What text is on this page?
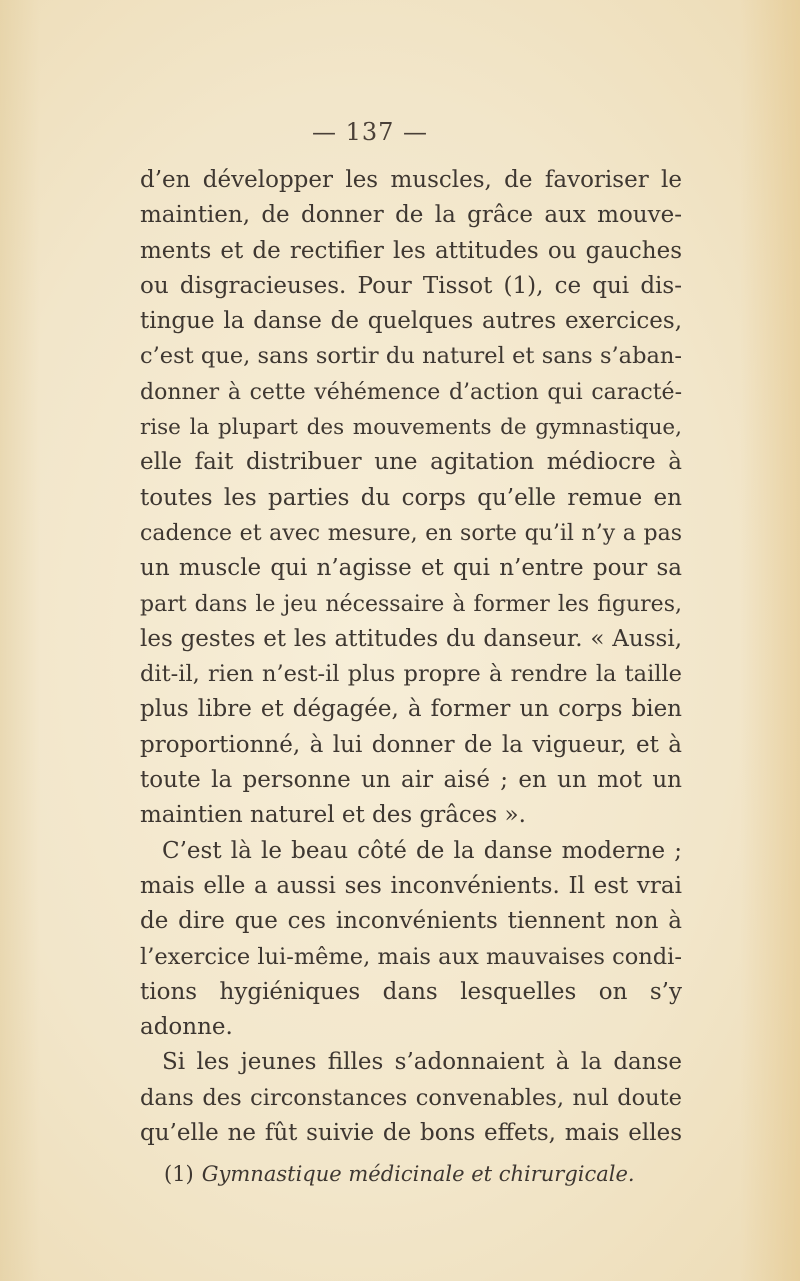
— 137 —
d’en développer les muscles, de favoriser le
maintien, de donner de la grâce aux mouve-
ments et de rectifier les attitudes ou gauches
ou disgracieuses. Pour Tissot (1), ce qui dis-
tingue la danse de quelques autres exercices,
c’est que, sans sortir du naturel et sans s’aban-
donner à cette véhémence d’action qui caracté-
rise la plupart des mouvements de gymnastique,
elle fait distribuer une agitation médiocre à
toutes les parties du corps qu’elle remue en
cadence et avec mesure, en sorte qu’il n’y a pas
un muscle qui n’agisse et qui n’entre pour sa
part dans le jeu nécessaire à former les figures,
les gestes et les attitudes du danseur. « Aussi,
dit-il, rien n’est-il plus propre à rendre la taille
plus libre et dégagée, à former un corps bien
proportionné, à lui donner de la vigueur, et à
toute la personne un air aisé ; en un mot un
maintien naturel et des grâces ».
C’est là le beau côté de la danse moderne ;
mais elle a aussi ses inconvénients. Il est vrai
de dire que ces inconvénients tiennent non à
l’exercice lui-même, mais aux mauvaises condi-
tions hygiéniques dans lesquelles on s’y
adonne.
Si les jeunes filles s’adonnaient à la danse
dans des circonstances convenables, nul doute
qu’elle ne fût suivie de bons effets, mais elles
(1) Gymnastique médicinale et chirurgicale.
